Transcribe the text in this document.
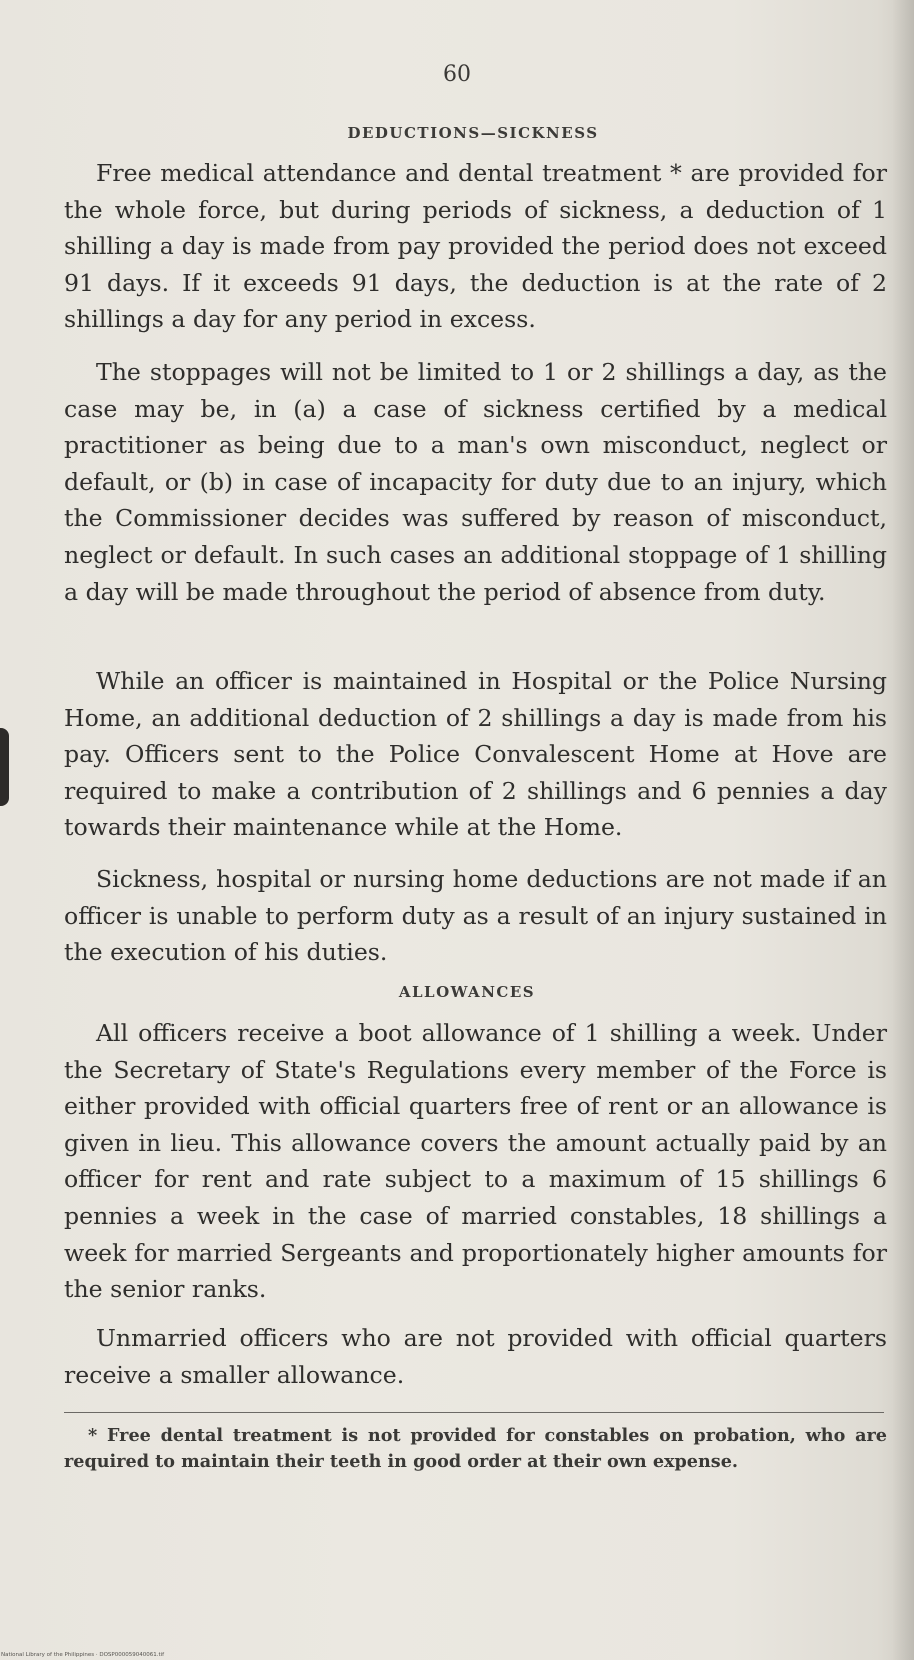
60
DEDUCTIONS—SICKNESS

Free medical attendance and dental treatment * are provided for the whole force, but during periods of sickness, a deduction of 1 shilling a day is made from pay provided the period does not exceed 91 days. If it exceeds 91 days, the deduction is at the rate of 2 shillings a day for any period in excess.

The stoppages will not be limited to 1 or 2 shillings a day, as the case may be, in (a) a case of sickness certified by a medical practitioner as being due to a man's own misconduct, neglect or default, or (b) in case of incapacity for duty due to an injury, which the Commissioner decides was suffered by reason of misconduct, neglect or default. In such cases an additional stoppage of 1 shilling a day will be made throughout the period of absence from duty.

While an officer is maintained in Hospital or the Police Nursing Home, an additional deduction of 2 shillings a day is made from his pay. Officers sent to the Police Convalescent Home at Hove are required to make a contribution of 2 shillings and 6 pennies a day towards their maintenance while at the Home.

Sickness, hospital or nursing home deductions are not made if an officer is unable to perform duty as a result of an injury sustained in the execution of his duties.

ALLOWANCES

All officers receive a boot allowance of 1 shilling a week. Under the Secretary of State's Regulations every member of the Force is either provided with official quarters free of rent or an allowance is given in lieu. This allowance covers the amount actually paid by an officer for rent and rate subject to a maximum of 15 shillings 6 pennies a week in the case of married constables, 18 shillings a week for married Sergeants and proportionately higher amounts for the senior ranks.

Unmarried officers who are not provided with official quarters receive a smaller allowance.

* Free dental treatment is not provided for constables on probation, who are required to maintain their teeth in good order at their own expense.

National Library of the Philippines · DOSP000059040061.tif
